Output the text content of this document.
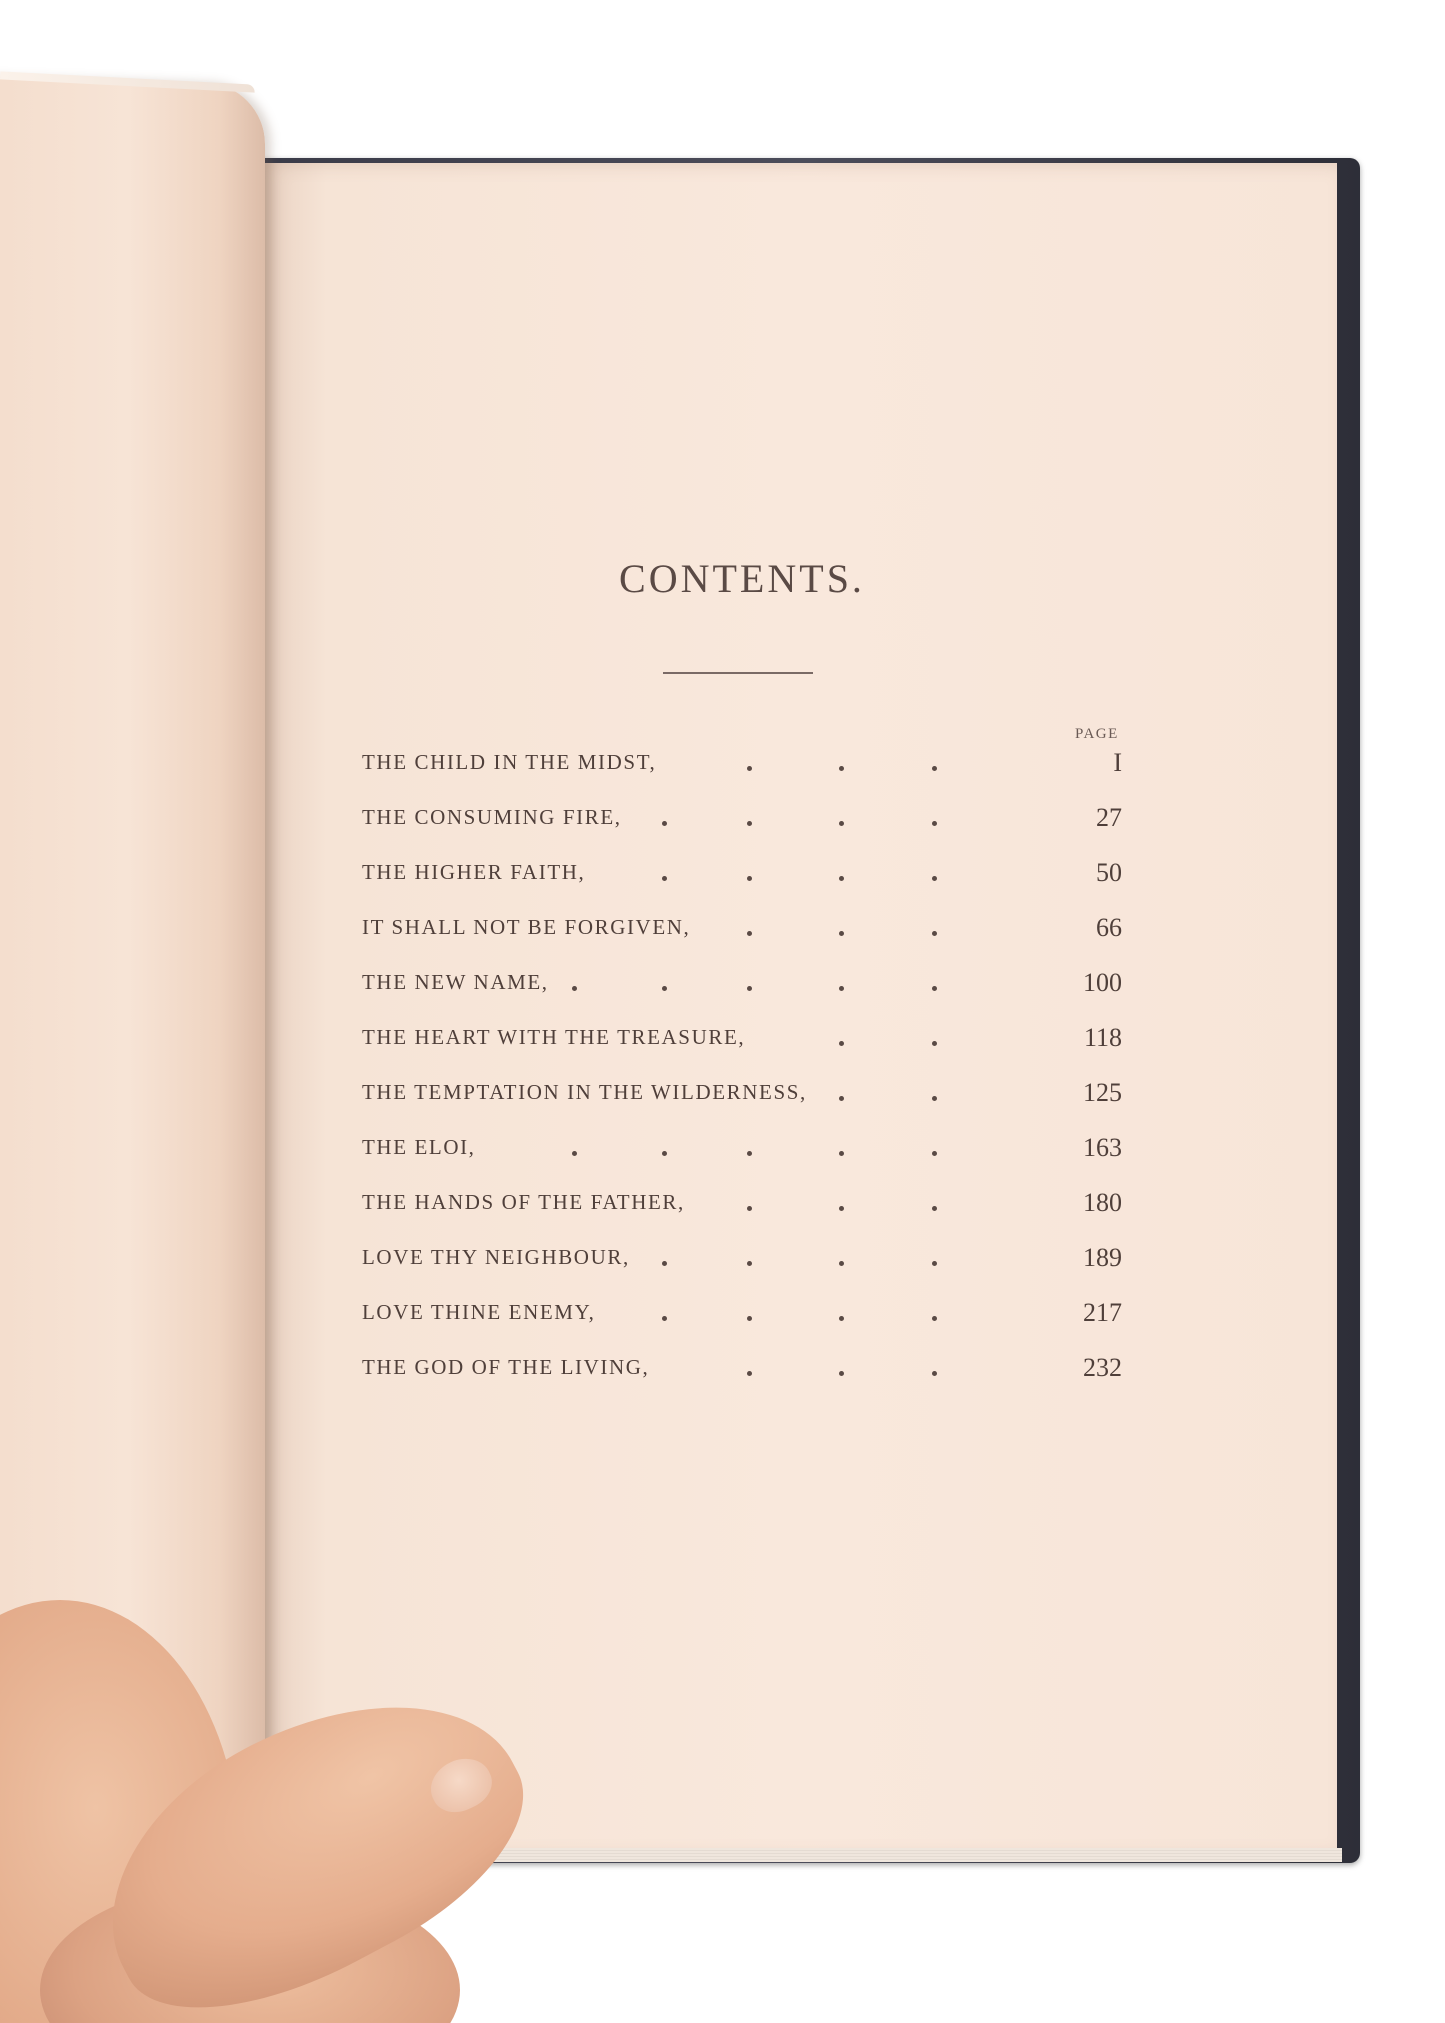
CONTENTS.
PAGE
THE CHILD IN THE MIDST,	I
THE CONSUMING FIRE,	27
THE HIGHER FAITH,	50
IT SHALL NOT BE FORGIVEN,	66
THE NEW NAME,	100
THE HEART WITH THE TREASURE,	118
THE TEMPTATION IN THE WILDERNESS,	125
THE ELOI,	163
THE HANDS OF THE FATHER,	180
LOVE THY NEIGHBOUR,	189
LOVE THINE ENEMY,	217
THE GOD OF THE LIVING,	232
